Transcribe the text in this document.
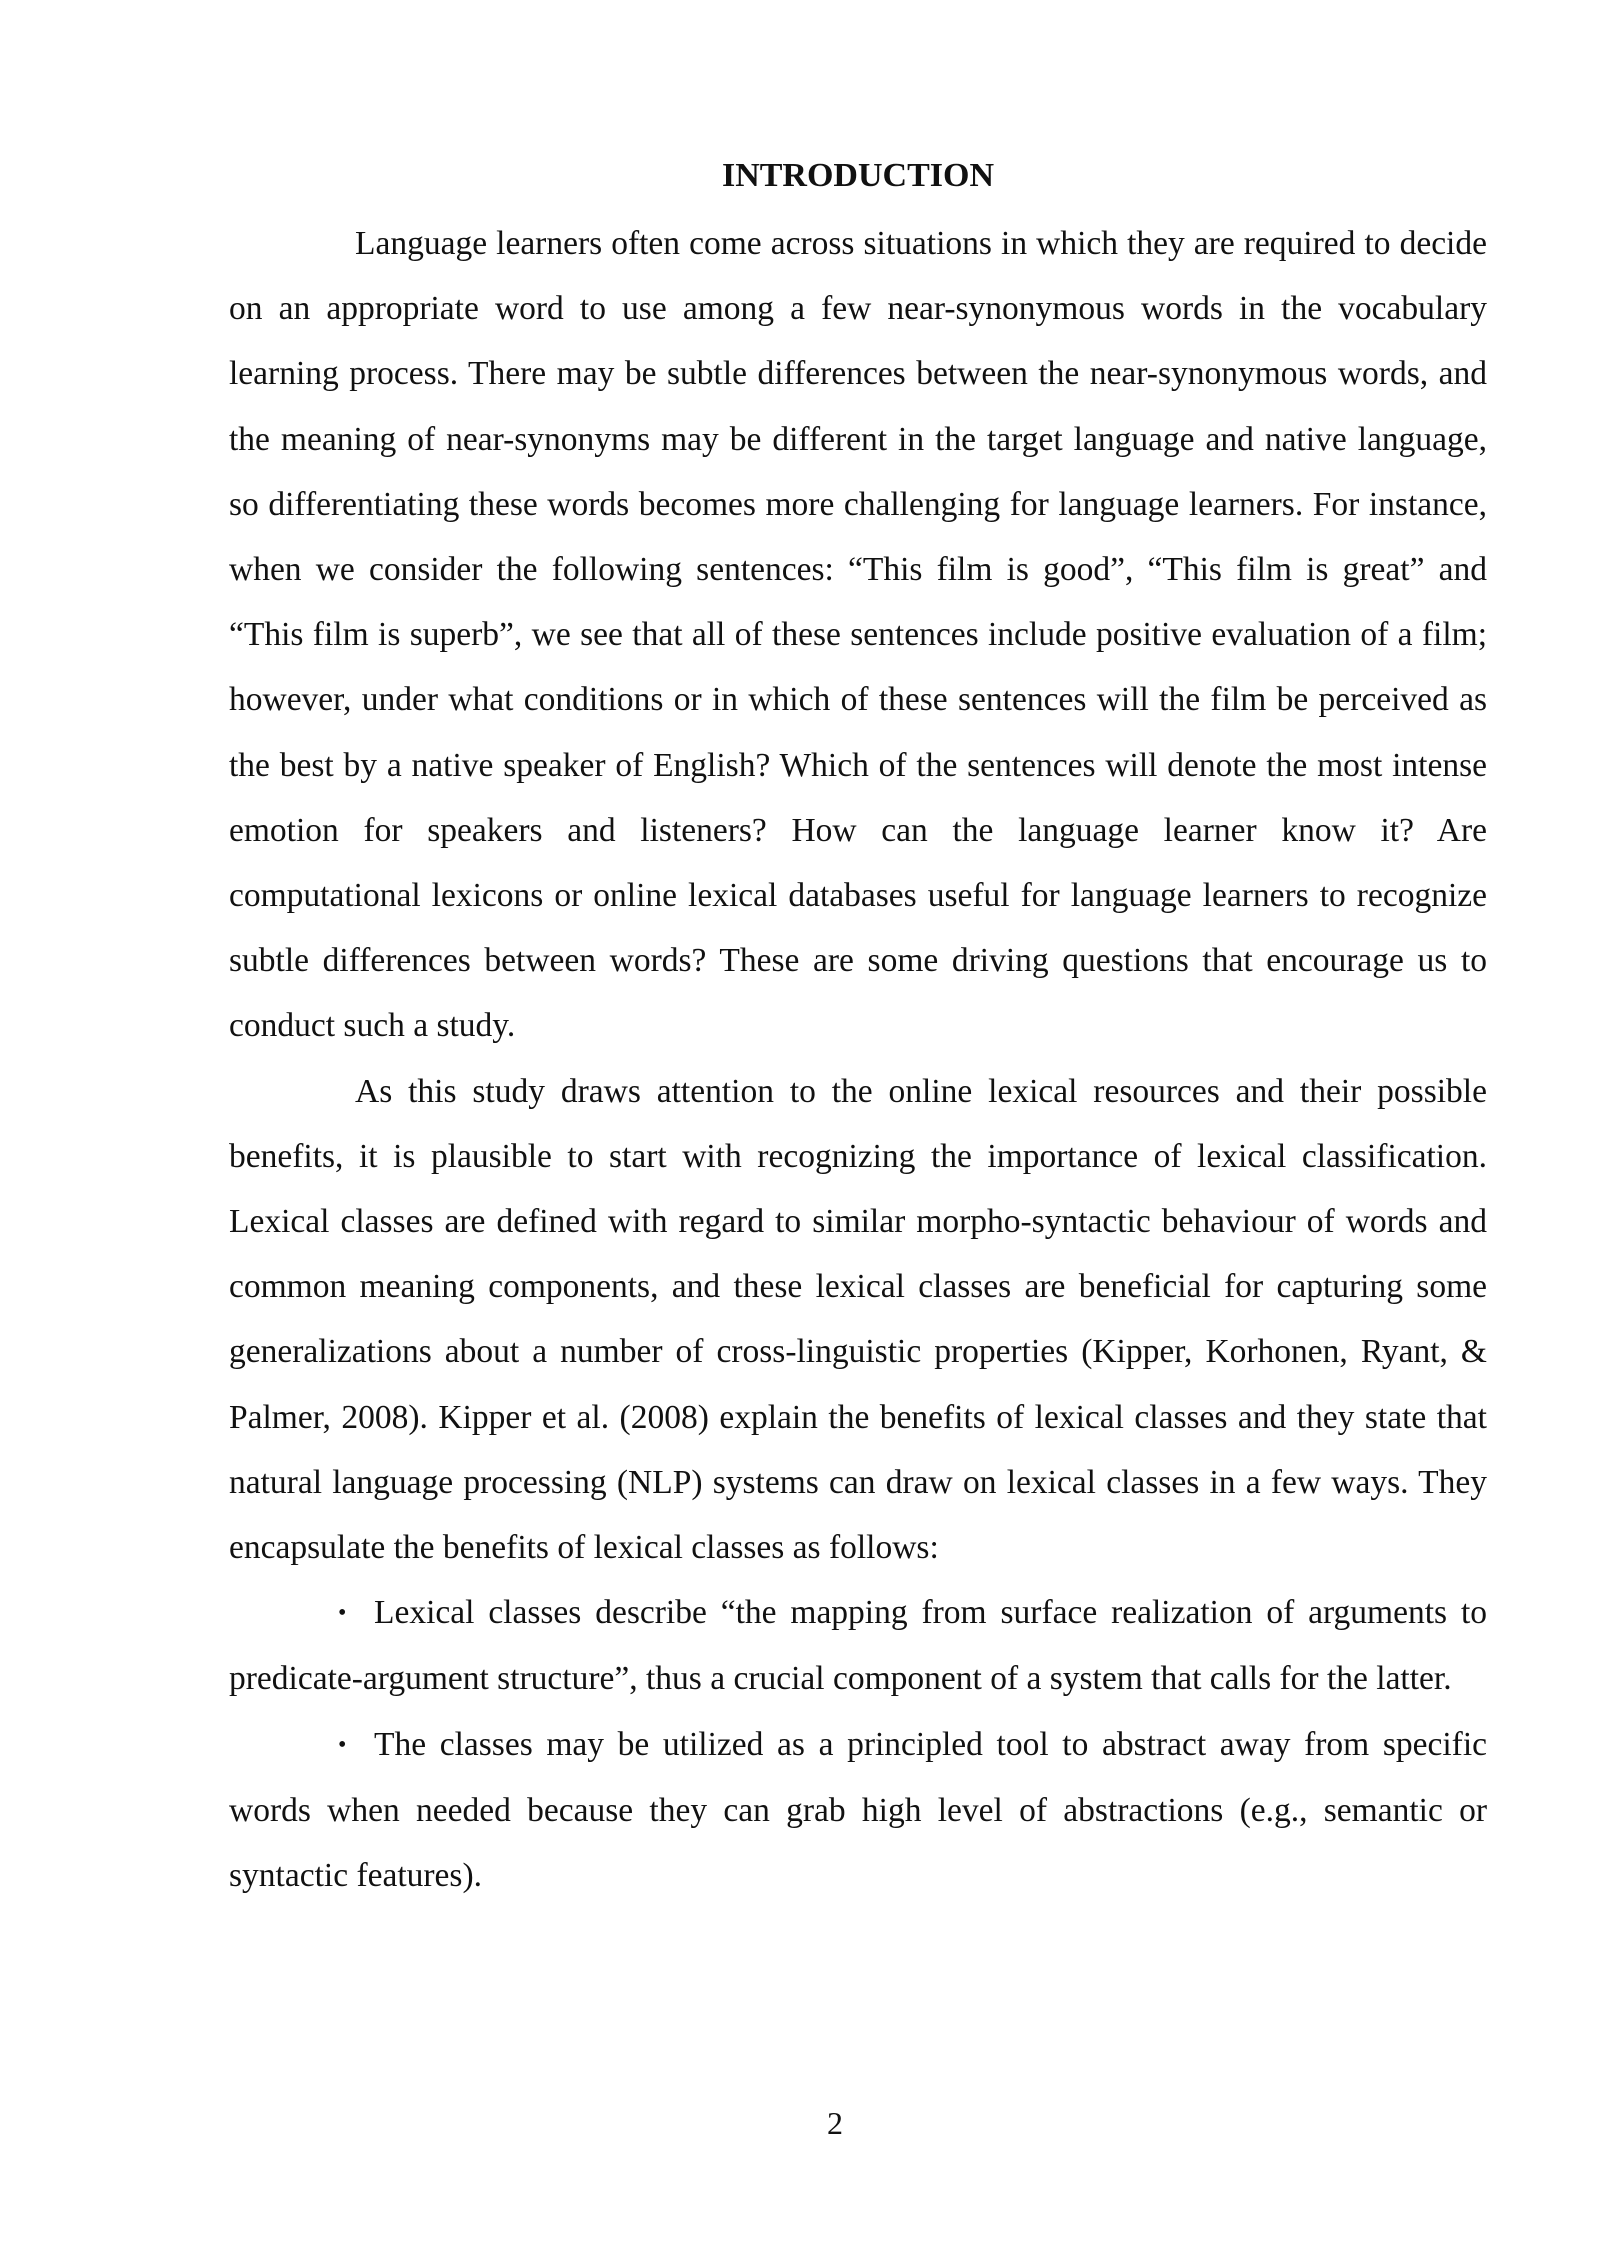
INTRODUCTION

Language learners often come across situations in which they are required to decide on an appropriate word to use among a few near-synonymous words in the vocabulary learning process. There may be subtle differences between the near-synonymous words, and the meaning of near-synonyms may be different in the target language and native language, so differentiating these words becomes more challenging for language learners. For instance, when we consider the following sentences: “This film is good”, “This film is great” and “This film is superb”, we see that all of these sentences include positive evaluation of a film; however, under what conditions or in which of these sentences will the film be perceived as the best by a native speaker of English? Which of the sentences will denote the most intense emotion for speakers and listeners? How can the language learner know it? Are computational lexicons or online lexical databases useful for language learners to recognize subtle differences between words? These are some driving questions that encourage us to conduct such a study.

As this study draws attention to the online lexical resources and their possible benefits, it is plausible to start with recognizing the importance of lexical classification. Lexical classes are defined with regard to similar morpho-syntactic behaviour of words and common meaning components, and these lexical classes are beneficial for capturing some generalizations about a number of cross-linguistic properties (Kipper, Korhonen, Ryant, & Palmer, 2008). Kipper et al. (2008) explain the benefits of lexical classes and they state that natural language processing (NLP) systems can draw on lexical classes in a few ways. They encapsulate the benefits of lexical classes as follows:

• Lexical classes describe “the mapping from surface realization of arguments to predicate-argument structure”, thus a crucial component of a system that calls for the latter.

• The classes may be utilized as a principled tool to abstract away from specific words when needed because they can grab high level of abstractions (e.g., semantic or syntactic features).

2
